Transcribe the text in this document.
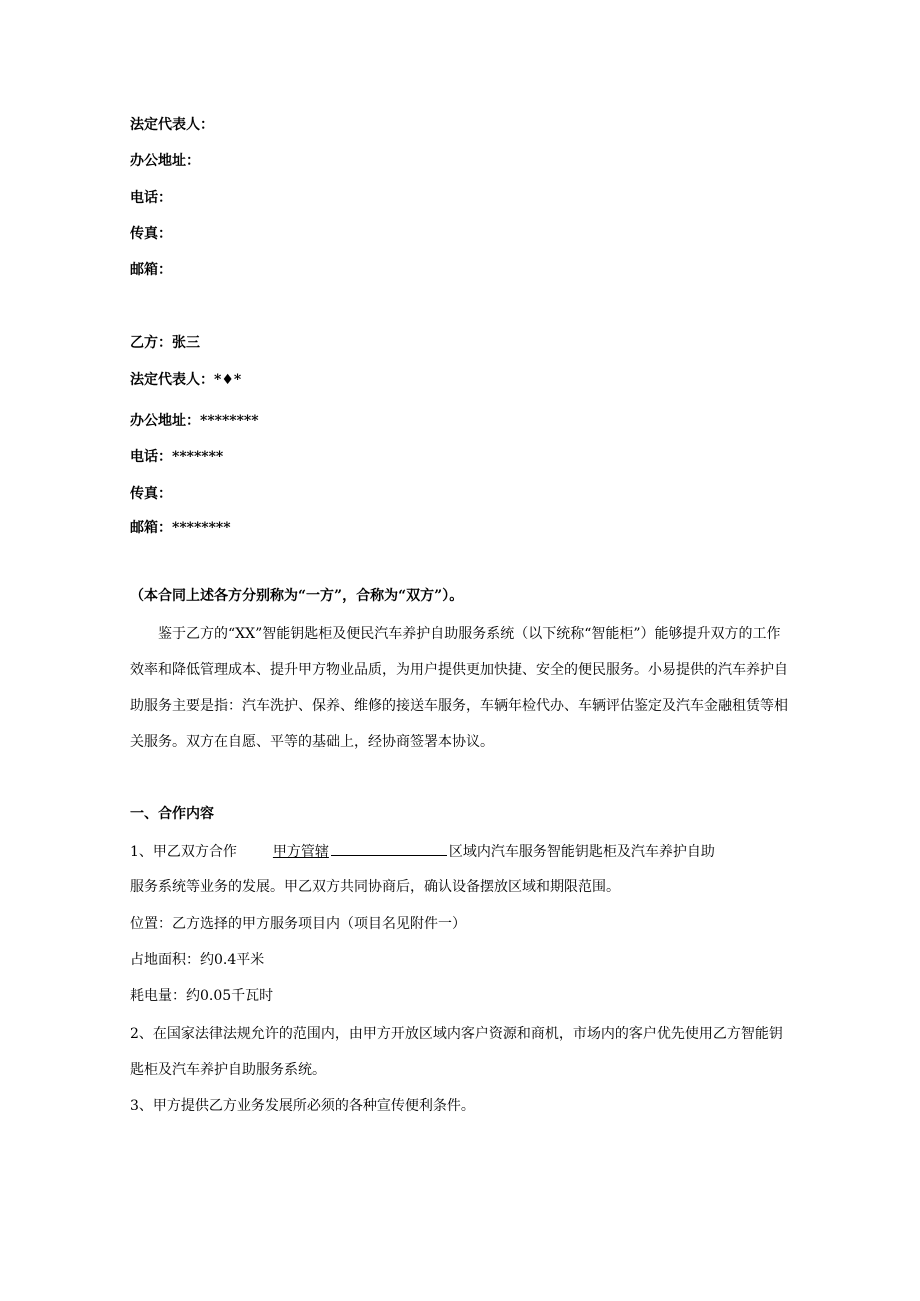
法定代表人：
办公地址：
电话：
传真：
邮箱：
乙方：张三
法定代表人：*♦*
办公地址：********
电话：*******
传真：
邮箱：********
（本合同上述各方分别称为“一方”，合称为“双方”）。
鉴于乙方的“XX”智能钥匙柜及便民汽车养护自助服务系统（以下统称“智能柜”）能够提升双方的工作效率和降低管理成本、提升甲方物业品质，为用户提供更加快捷、安全的便民服务。小易提供的汽车养护自助服务主要是指：汽车洗护、保养、维修的接送车服务，车辆年检代办、车辆评估鉴定及汽车金融租赁等相关服务。双方在自愿、平等的基础上，经协商签署本协议。
一、合作内容
1、甲乙双方合作	甲方管辖	区域内汽车服务智能钥匙柜及汽车养护自助
服务系统等业务的发展。甲乙双方共同协商后，确认设备摆放区域和期限范围。
位置：乙方选择的甲方服务项目内（项目名见附件一）
占地面积：约0.4平米
耗电量：约0.05千瓦时
2、在国家法律法规允许的范围内，由甲方开放区域内客户资源和商机，市场内的客户优先使用乙方智能钥匙柜及汽车养护自助服务系统。
3、甲方提供乙方业务发展所必须的各种宣传便利条件。
